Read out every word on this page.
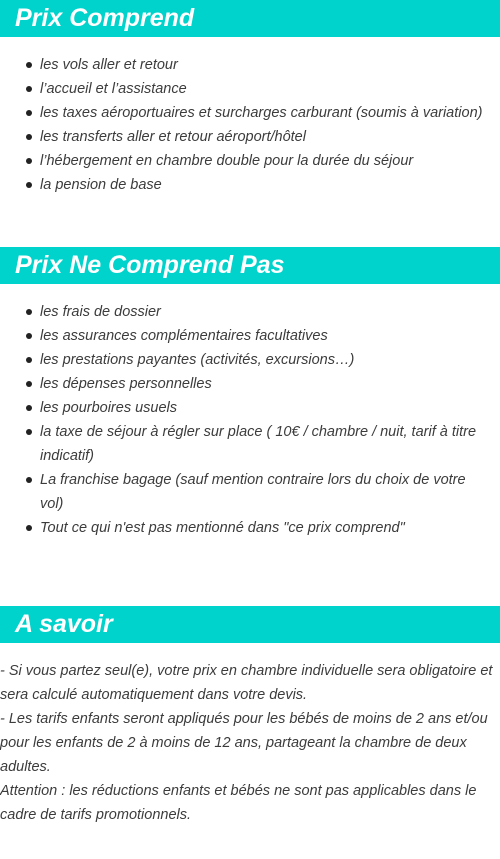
Prix Comprend
les vols aller et retour
l’accueil et l’assistance
les taxes aéroportuaires et surcharges carburant (soumis à variation)
les transferts aller et retour aéroport/hôtel
l’hébergement en chambre double pour la durée du séjour
la pension de base
Prix Ne Comprend Pas
les frais de dossier
les assurances complémentaires facultatives
les prestations payantes (activités, excursions…)
les dépenses personnelles
les pourboires usuels
la taxe de séjour à régler sur place ( 10€ / chambre / nuit, tarif à titre indicatif)
La franchise bagage (sauf mention contraire lors du choix de votre vol)
Tout ce qui n'est pas mentionné dans "ce prix comprend"
A savoir

- Si vous partez seul(e), votre prix en chambre individuelle sera obligatoire et sera calculé automatiquement dans votre devis.

- Les tarifs enfants seront appliqués pour les bébés de moins de 2 ans et/ou pour les enfants de 2 à moins de 12 ans, partageant la chambre de deux adultes.

Attention : les réductions enfants et bébés ne sont pas applicables dans le cadre de tarifs promotionnels.
